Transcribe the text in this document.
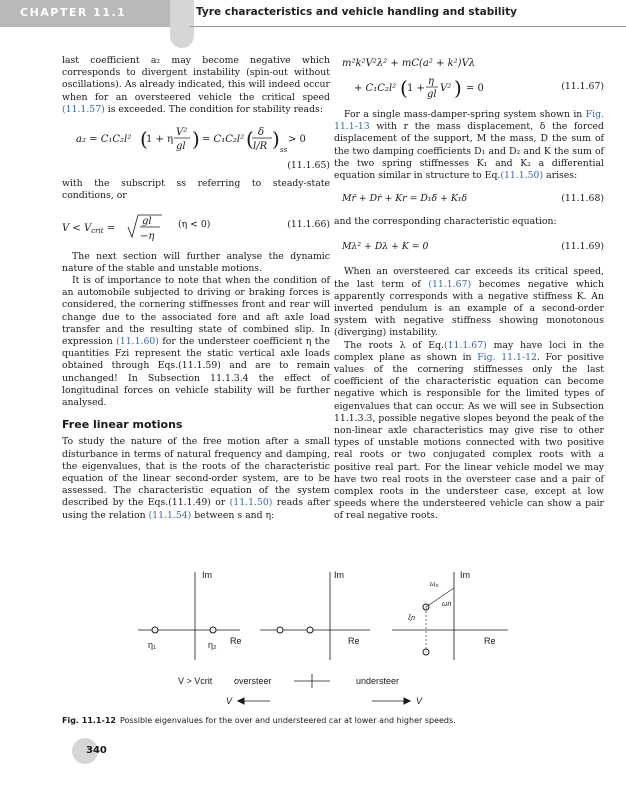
CHAPTER 11.1	Tyre characteristics and vehicle handling and stability

last coefficient a₂ may become negative which corresponds to divergent instability (spin-out without oscillations). As already indicated, this will indeed occur when for an oversteered vehicle the critical speed (11.1.57) is exceeded. The condition for stability reads:

a₂ = C₁C₂l² (
1 + η
V²
gl ) = C₁C₂l² ( δ
l/R ) ss
> 0
(11.1.65)

with the subscript ss referring to steady-state conditions, or

$V < V_{crit}$ =
gl
−η
(η < 0)	(11.1.66)

The next section will further analyse the dynamic nature of the stable and unstable motions.

It is of importance to note that when the condition of an automobile subjected to driving or braking forces is considered, the cornering stiffnesses front and rear will change due to the associated fore and aft axle load transfer and the resulting state of combined slip. In expression (11.1.60) for the understeer coefficient η the quantities Fzi represent the static vertical axle loads obtained through Eqs.(11.1.59) and are to remain unchanged! In Subsection 11.1.3.4 the effect of longitudinal forces on vehicle stability will be further analysed.

Free linear motions

To study the nature of the free motion after a small disturbance in terms of natural frequency and damping, the eigenvalues, that is the roots of the characteristic equation of the linear second-order system, are to be assessed. The characteristic equation of the system described by the Eqs.(11.1.49) or (11.1.50) reads after using the relation (11.1.54) between s and η:

m²k²V²λ² + mC(a² + k²)Vλ
+ C₁C₂l² ( 1 +
η
gl
V² ) = 0	(11.1.67)

For a single mass-damper-spring system shown in Fig. 11.1-13 with r the mass displacement, δ the forced displacement of the support, M the mass, D the sum of the two damping coefficients D₁ and D₂ and K the sum of the two spring stiffnesses K₁ and K₂ a differential equation similar in structure to Eq.(11.1.50) arises:

Mr̈ + Dṙ + Kr = D₁δ̇ + K₁δ	(11.1.68)

and the corresponding characteristic equation:

Mλ² + Dλ + K = 0	(11.1.69)

When an oversteered car exceeds its critical speed, the last term of (11.1.67) becomes negative which apparently corresponds with a negative stiffness K. An inverted pendulum is an example of a second-order system with negative stiffness showing monotonous (diverging) instability.

The roots λ of Eq.(11.1.67) may have loci in the complex plane as shown in Fig. 11.1-12. For positive values of the cornering stiffnesses only the last coefficient of the characteristic equation can become negative which is responsible for the limited types of eigenvalues that can occur. As we will see in Subsection 11.1.3.3, possible negative slopes beyond the peak of the non-linear axle characteristics may give rise to other types of unstable motions connected with two positive real roots or two conjugated complex roots with a positive real part. For the linear vehicle model we may have two real roots in the oversteer case and a pair of complex roots in the understeer case, except at low speeds where the understeered vehicle can show a pair of real negative roots.

Im
Re
η₁	η₂
Im
Re
Im
Re
ξn
ω₀
ωn
V > Vcrit oversteer	understeer
V	V
Fig. 11.1-12 Possible eigenvalues for the over and understeered car at lower and higher speeds.
340
